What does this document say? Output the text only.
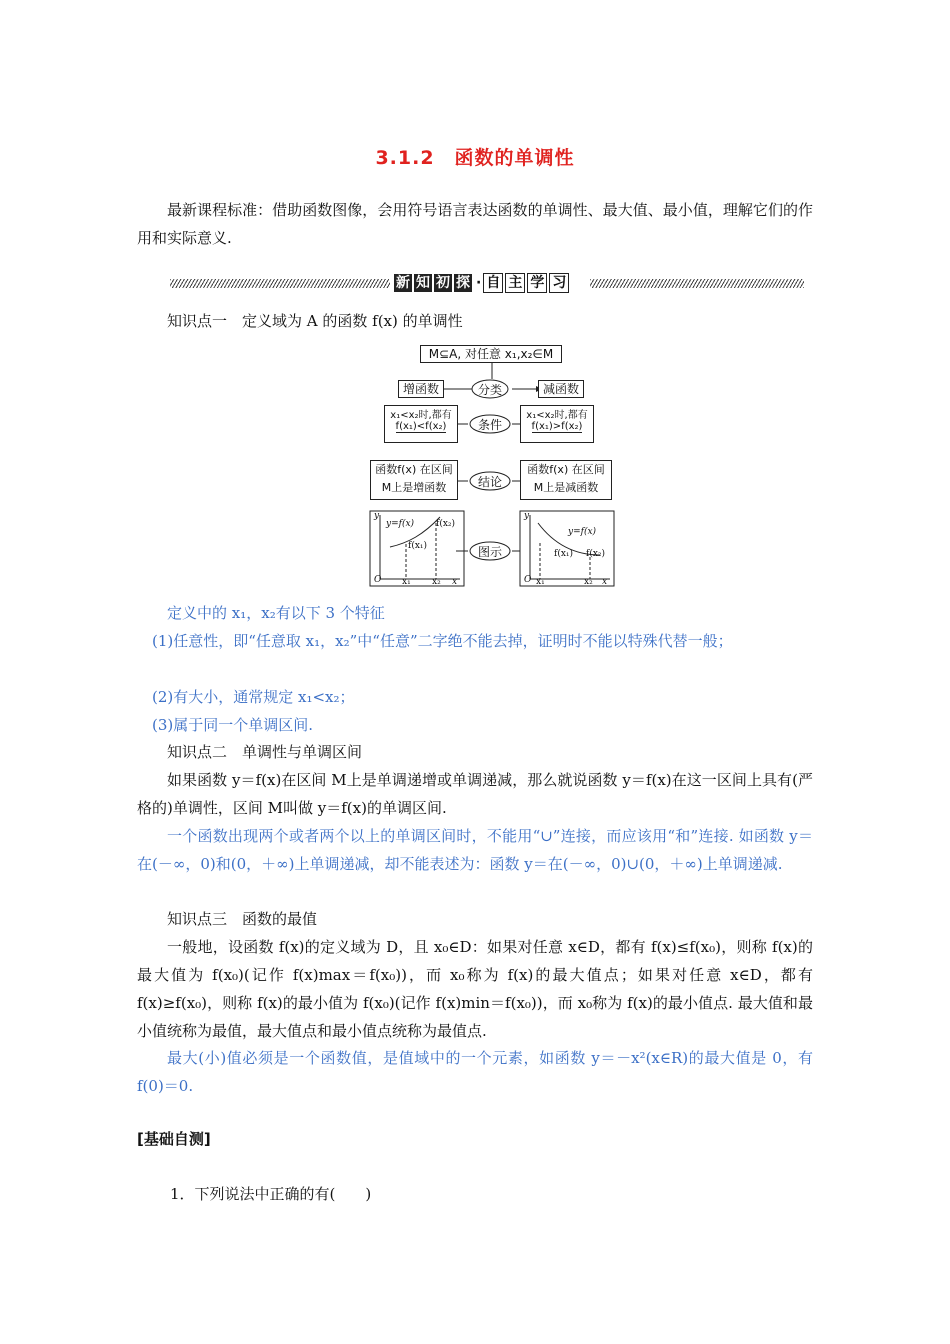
3.1.2　函数的单调性
最新课程标准：借助函数图像，会用符号语言表达函数的单调性、最大值、最小值，理解它们的作用和实际意义.
新 知 初 探 · 自 主 学 习
知识点一　定义域为 A 的函数 f(x) 的单调性
M⊆A, 对任意 x₁,x₂∈M
增函数	分类	减函数
x₁<x₂时,都有
f(x₁)<f(x₂)	条件
x₁<x₂时,都有
f(x₁)>f(x₂)
函数f(x) 在区间
M上是增函数	结论
函数f(x) 在区间
M上是减函数
图示
y
y=f(x) f(x₂)
f(x₁)
O x₁ x₂ x
y
y=f(x)
f(x₁) f(x₂)
O x₁	x₂ x
定义中的 x₁，x₂有以下 3 个特征
(1)任意性，即“任意取 x₁，x₂”中“任意”二字绝不能去掉，证明时不能以特殊代替一般；
(2)有大小，通常规定 x₁<x₂；
(3)属于同一个单调区间.
知识点二　单调性与单调区间
如果函数 y＝f(x)在区间 M上是单调递增或单调递减，那么就说函数 y＝f(x)在这一区间上具有(严格的)单调性，区间 M叫做 y＝f(x)的单调区间.
一个函数出现两个或者两个以上的单调区间时，不能用“∪”连接，而应该用“和”连接. 如函数 y＝在(－∞，0)和(0，＋∞)上单调递减，却不能表述为：函数 y＝在(－∞，0)∪(0，＋∞)上单调递减.
知识点三　函数的最值
一般地，设函数 f(x)的定义域为 D，且 x₀∈D：如果对任意 x∈D，都有 f(x)≤f(x₀)，则称 f(x)的最大值为 f(x₀)(记作 f(x)max＝f(x₀))，而 x₀称为 f(x)的最大值点；如果对任意 x∈D，都有 f(x)≥f(x₀)，则称 f(x)的最小值为 f(x₀)(记作 f(x)min＝f(x₀))，而 x₀称为 f(x)的最小值点. 最大值和最小值统称为最值，最大值点和最小值点统称为最值点.
最大(小)值必须是一个函数值，是值域中的一个元素，如函数 y＝－x²(x∈R)的最大值是 0，有 f(0)＝0.
[基础自测]
1．下列说法中正确的有(　　)
